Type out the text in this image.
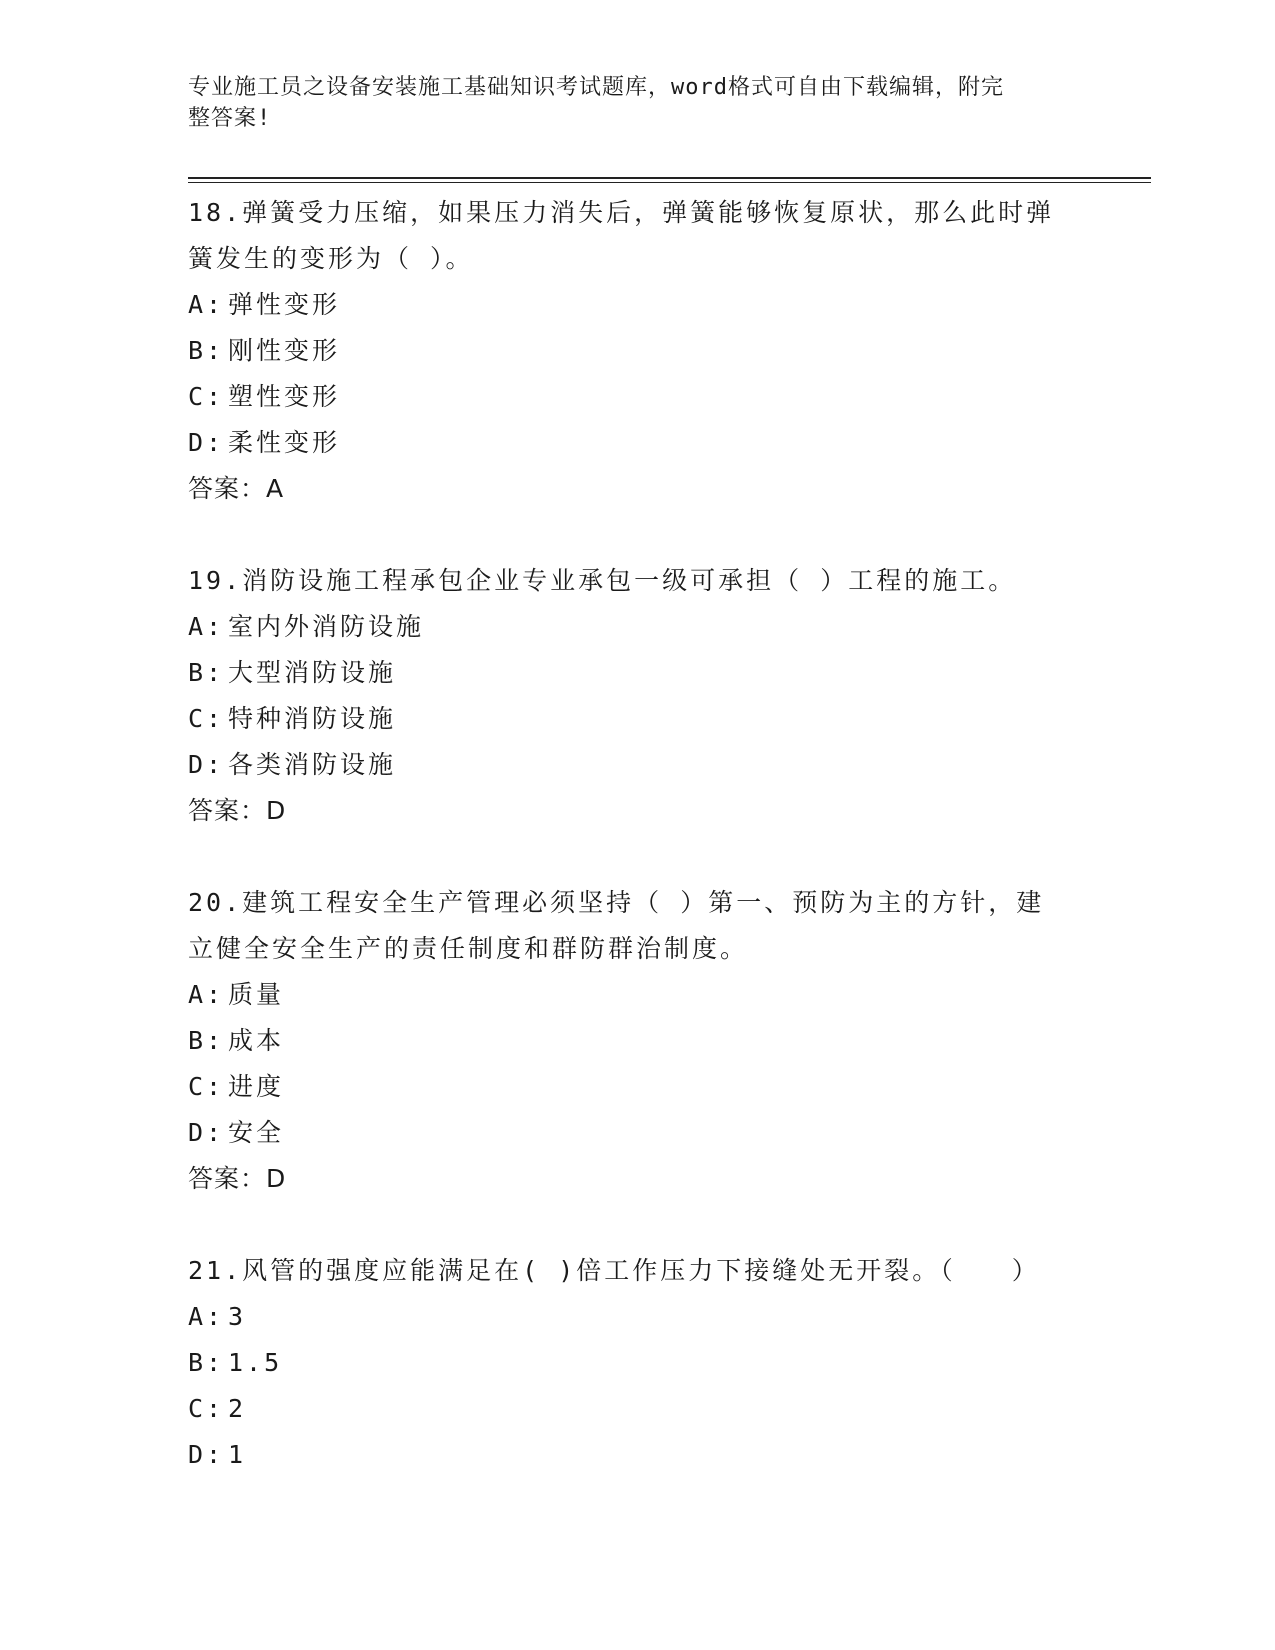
专业施工员之设备安装施工基础知识考试题库，word格式可自由下载编辑，附完
整答案!

18.弹簧受力压缩，如果压力消失后，弹簧能够恢复原状，那么此时弹
簧发生的变形为（ ）。

A: 弹性变形

B: 刚性变形

C: 塑性变形

D: 柔性变形

答案：A

19.消防设施工程承包企业专业承包一级可承担（ ）工程的施工。

A: 室内外消防设施

B: 大型消防设施

C: 特种消防设施

D: 各类消防设施

答案：D

20.建筑工程安全生产管理必须坚持（ ）第一、预防为主的方针，建
立健全安全生产的责任制度和群防群治制度。

A: 质量

B: 成本

C: 进度

D: 安全

答案：D

21.风管的强度应能满足在( )倍工作压力下接缝处无开裂。（　　）

A: 3

B: 1.5

C: 2

D: 1
